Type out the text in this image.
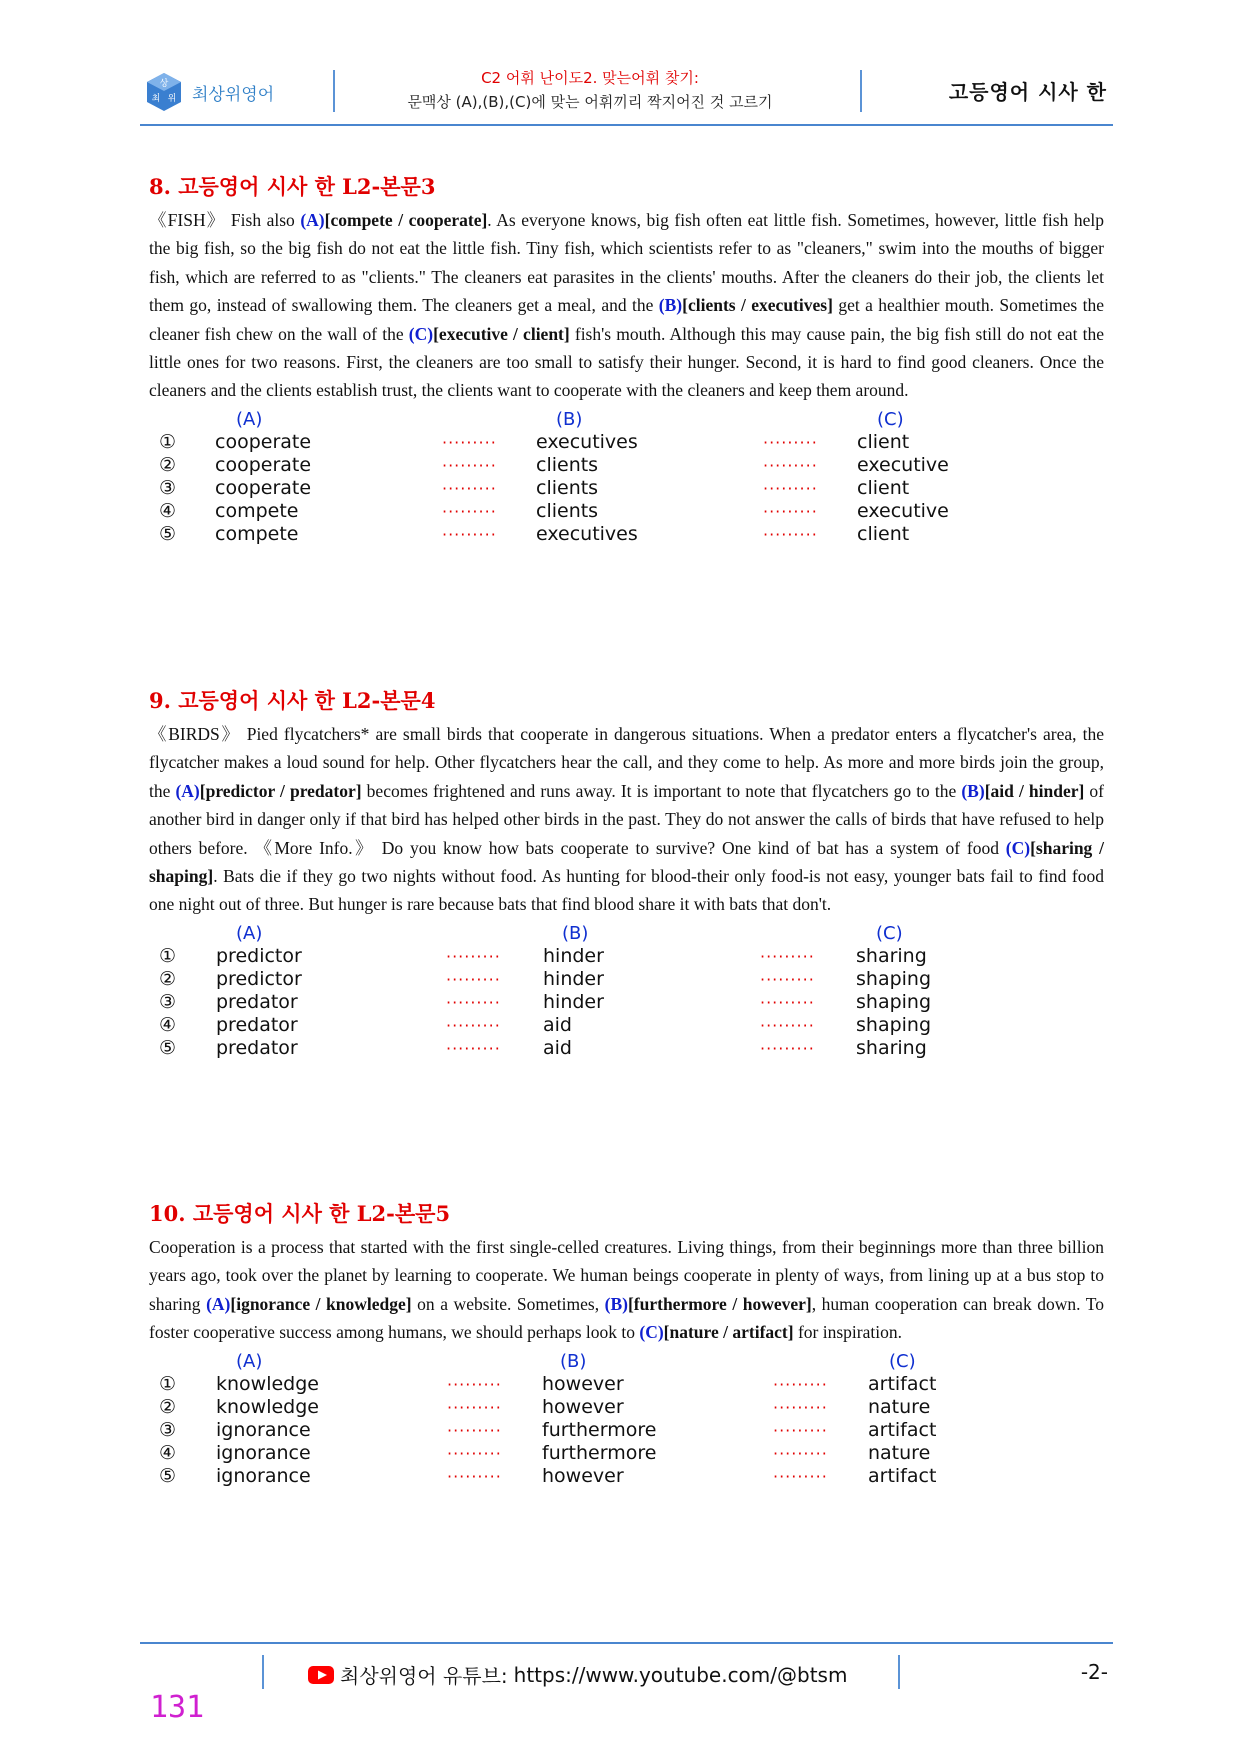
상
최 위 최상위영어
C2 어휘 난이도2. 맞는어휘 찾기:
문맥상 (A),(B),(C)에 맞는 어휘끼리 짝지어진 것 고르기	고등영어 시사 한
8. 고등영어 시사 한 L2-본문3
《FISH》 Fish also (A)[compete / cooperate]. As everyone knows, big fish often eat little fish. Sometimes, however, little fish help the big fish, so the big fish do not eat the little fish. Tiny fish, which scientists refer to as "cleaners," swim into the mouths of bigger fish, which are referred to as "clients." The cleaners eat parasites in the clients' mouths. After the cleaners do their job, the clients let them go, instead of swallowing them. The cleaners get a meal, and the (B)[clients / executives] get a healthier mouth. Sometimes the cleaner fish chew on the wall of the (C)[executive / client] fish's mouth. Although this may cause pain, the big fish still do not eat the little ones for two reasons. First, the cleaners are too small to satisfy their hunger. Second, it is hard to find good cleaners. Once the cleaners and the clients establish trust, the clients want to cooperate with the cleaners and keep them around.
(A)	(B)	(C)
① cooperate	········· executives	········· client
② cooperate	········· clients	········· executive
③ cooperate	········· clients	········· client
④ compete	········· clients	········· executive
⑤ compete	········· executives	········· client
9. 고등영어 시사 한 L2-본문4
《BIRDS》 Pied flycatchers* are small birds that cooperate in dangerous situations. When a predator enters a flycatcher's area, the flycatcher makes a loud sound for help. Other flycatchers hear the call, and they come to help. As more and more birds join the group, the (A)[predictor / predator] becomes frightened and runs away. It is important to note that flycatchers go to the (B)[aid / hinder] of another bird in danger only if that bird has helped other birds in the past. They do not answer the calls of birds that have refused to help others before. 《More Info.》 Do you know how bats cooperate to survive? One kind of bat has a system of food (C)[sharing / shaping]. Bats die if they go two nights without food. As hunting for blood-their only food-is not easy, younger bats fail to find food one night out of three. But hunger is rare because bats that find blood share it with bats that don't.
(A)	(B)	(C)
① predictor	········· hinder	········· sharing
② predictor	········· hinder	········· shaping
③ predator	········· hinder	········· shaping
④ predator	········· aid	········· shaping
⑤ predator	········· aid	········· sharing
10. 고등영어 시사 한 L2-본문5
Cooperation is a process that started with the first single-celled creatures. Living things, from their beginnings more than three billion years ago, took over the planet by learning to cooperate. We human beings cooperate in plenty of ways, from lining up at a bus stop to sharing (A)[ignorance / knowledge] on a website. Sometimes, (B)[furthermore / however], human cooperation can break down. To foster cooperative success among humans, we should perhaps look to (C)[nature / artifact] for inspiration.
(A)	(B)	(C)
① knowledge	········· however	········· artifact
② knowledge	········· however	········· nature
③ ignorance	········· furthermore	········· artifact
④ ignorance	········· furthermore	········· nature
⑤ ignorance	········· however	········· artifact
최상위영어 유튜브: https://www.youtube.com/@btsm	-2-
131
